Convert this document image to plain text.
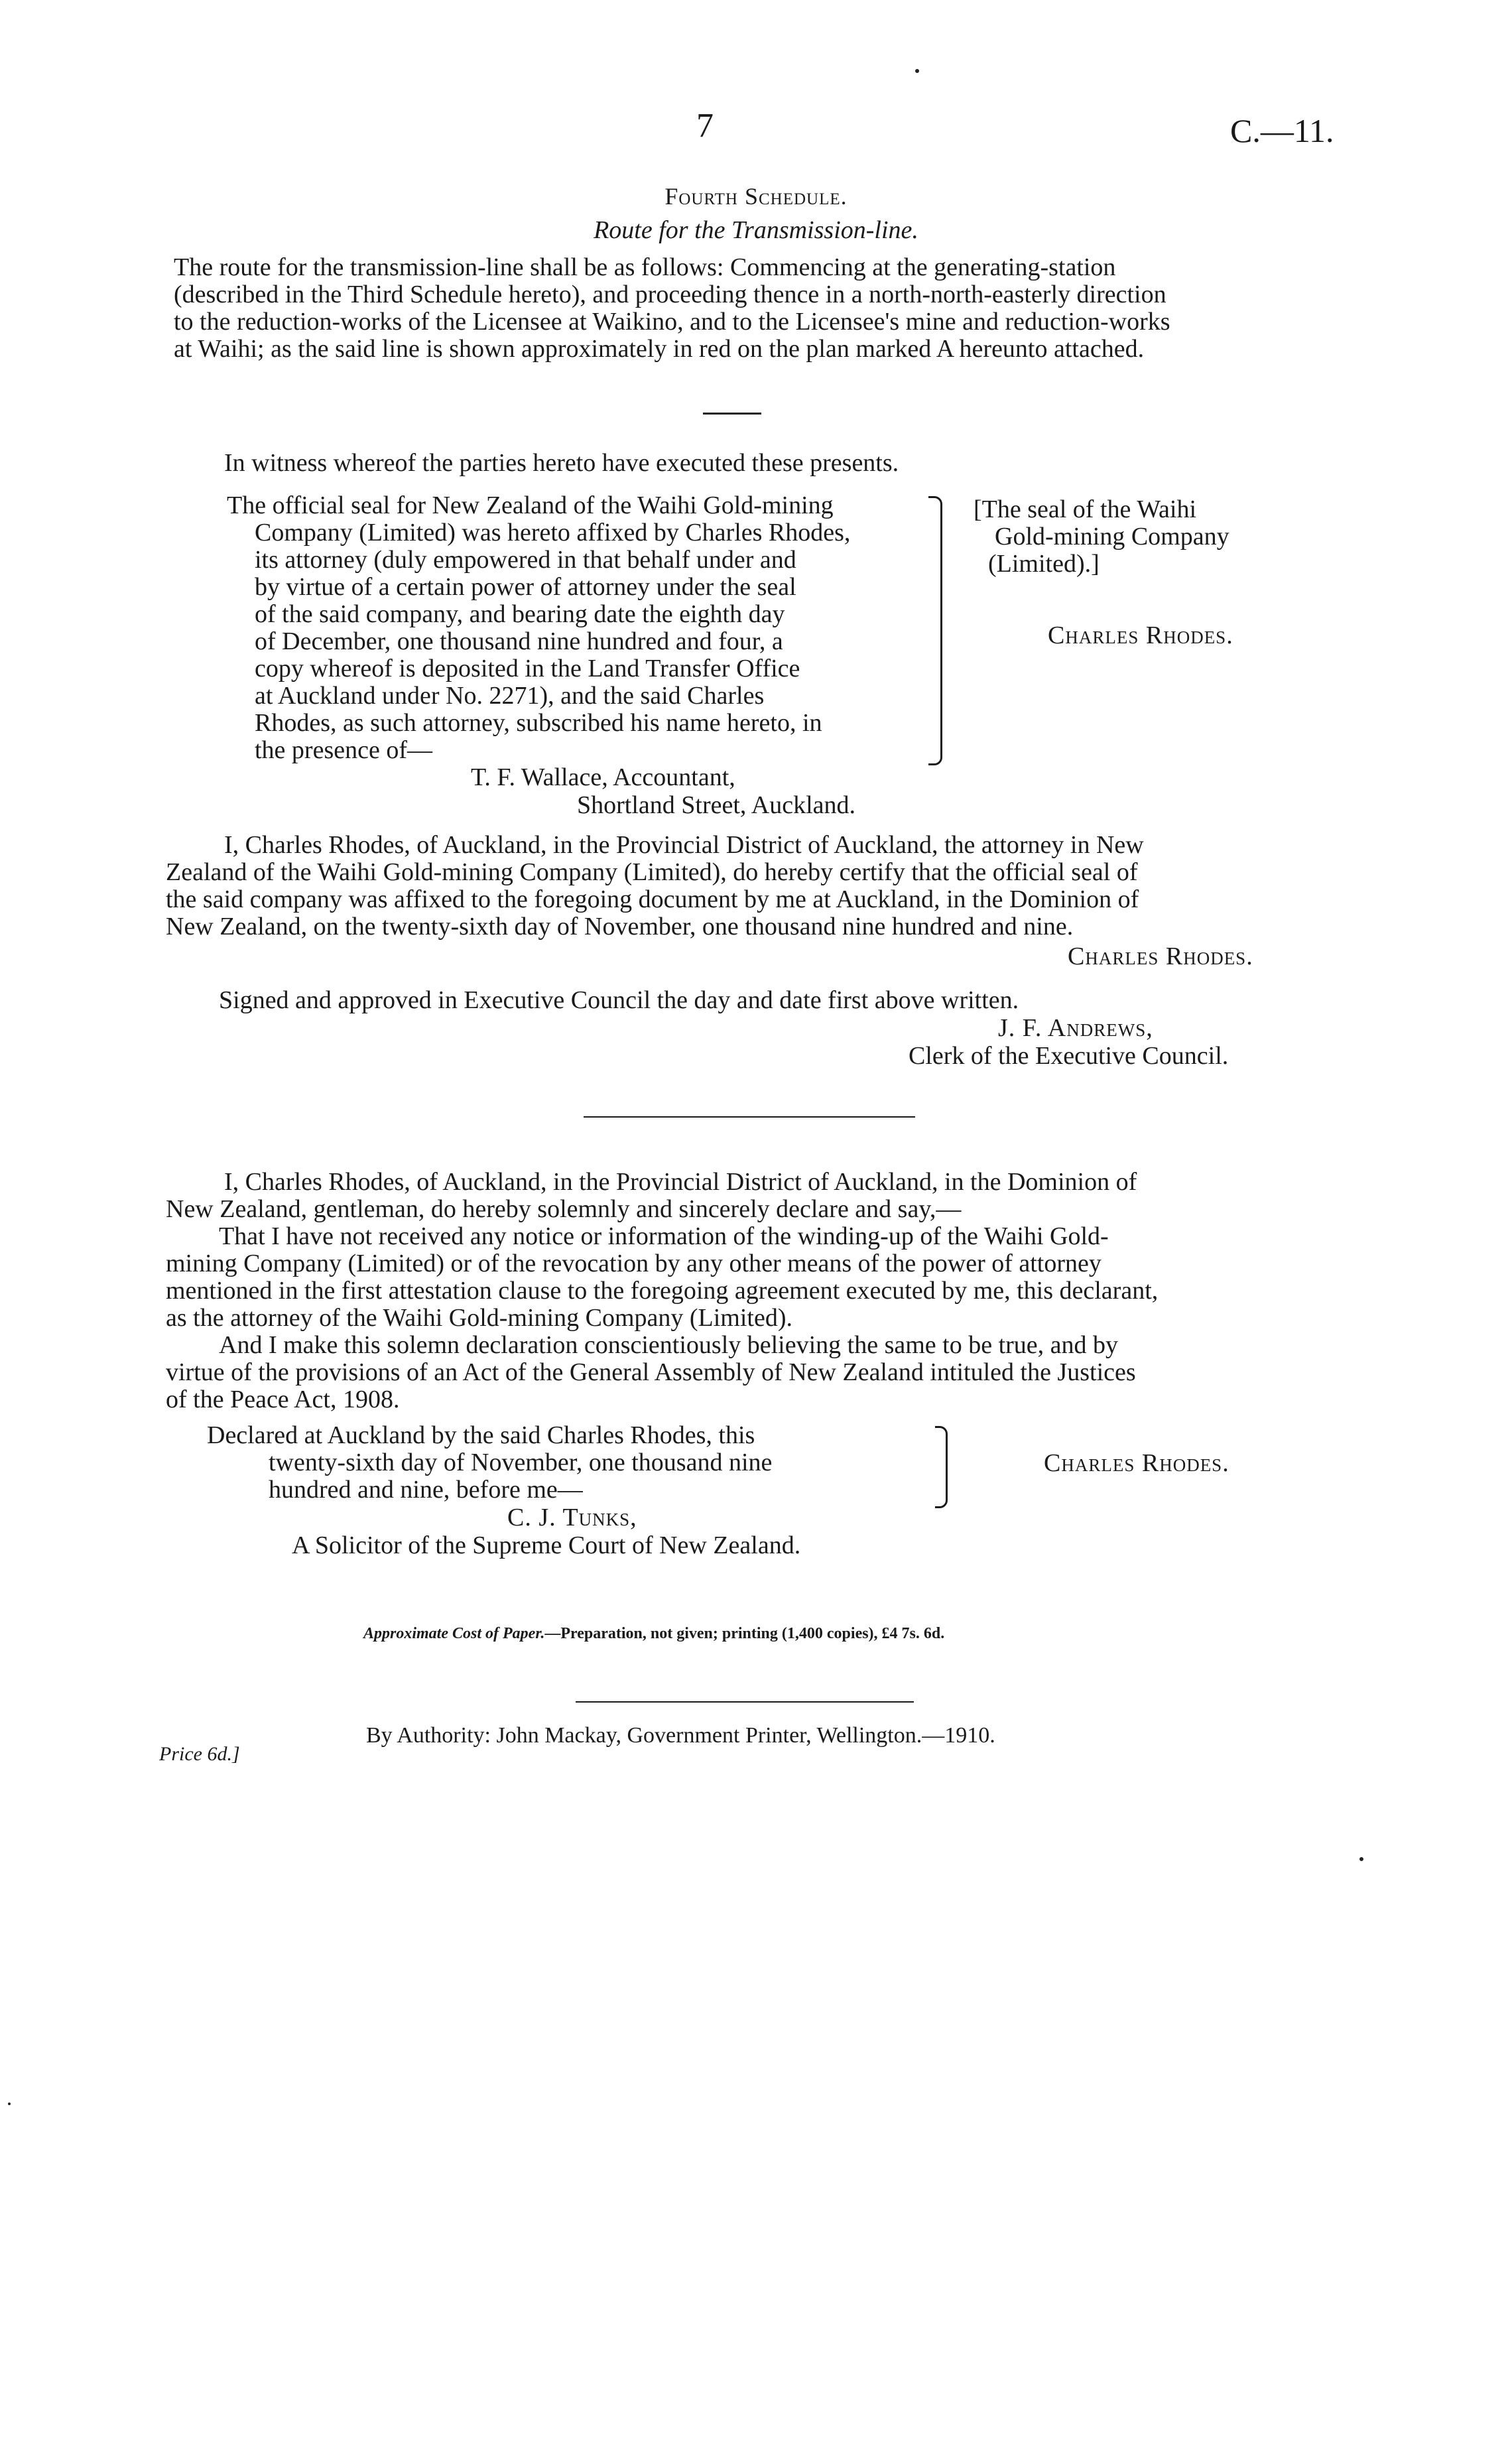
7	C.—11.
Fourth Schedule.
Route for the Transmission-line.
The route for the transmission-line shall be as follows: Commencing at the generating-station
(described in the Third Schedule hereto), and proceeding thence in a north-north-easterly direction
to the reduction-works of the Licensee at Waikino, and to the Licensee's mine and reduction-works
at Waihi; as the said line is shown approximately in red on the plan marked A hereunto attached.
In witness whereof the parties hereto have executed these presents.
The official seal for New Zealand of the Waihi Gold-mining
Company (Limited) was hereto affixed by Charles Rhodes,
its attorney (duly empowered in that behalf under and
by virtue of a certain power of attorney under the seal
of the said company, and bearing date the eighth day
of December, one thousand nine hundred and four, a
copy whereof is deposited in the Land Transfer Office
at Auckland under No. 2271), and the said Charles
Rhodes, as such attorney, subscribed his name hereto, in
the presence of—
[The seal of the Waihi
Gold-mining Company
(Limited).]
Charles Rhodes.
T. F. Wallace, Accountant,
Shortland Street, Auckland.
I, Charles Rhodes, of Auckland, in the Provincial District of Auckland, the attorney in New
Zealand of the Waihi Gold-mining Company (Limited), do hereby certify that the official seal of
the said company was affixed to the foregoing document by me at Auckland, in the Dominion of
New Zealand, on the twenty-sixth day of November, one thousand nine hundred and nine.
Charles Rhodes.
Signed and approved in Executive Council the day and date first above written.
J. F. Andrews,
Clerk of the Executive Council.
I, Charles Rhodes, of Auckland, in the Provincial District of Auckland, in the Dominion of
New Zealand, gentleman, do hereby solemnly and sincerely declare and say,—
That I have not received any notice or information of the winding-up of the Waihi Gold-
mining Company (Limited) or of the revocation by any other means of the power of attorney
mentioned in the first attestation clause to the foregoing agreement executed by me, this declarant,
as the attorney of the Waihi Gold-mining Company (Limited).
And I make this solemn declaration conscientiously believing the same to be true, and by
virtue of the provisions of an Act of the General Assembly of New Zealand intituled the Justices
of the Peace Act, 1908.
Declared at Auckland by the said Charles Rhodes, this
twenty-sixth day of November, one thousand nine
hundred and nine, before me—
Charles Rhodes.
C. J. Tunks,
A Solicitor of the Supreme Court of New Zealand.
Approximate Cost of Paper.—Preparation, not given; printing (1,400 copies), £4 7s. 6d.
By Authority: John Mackay, Government Printer, Wellington.—1910.
Price 6d.]
